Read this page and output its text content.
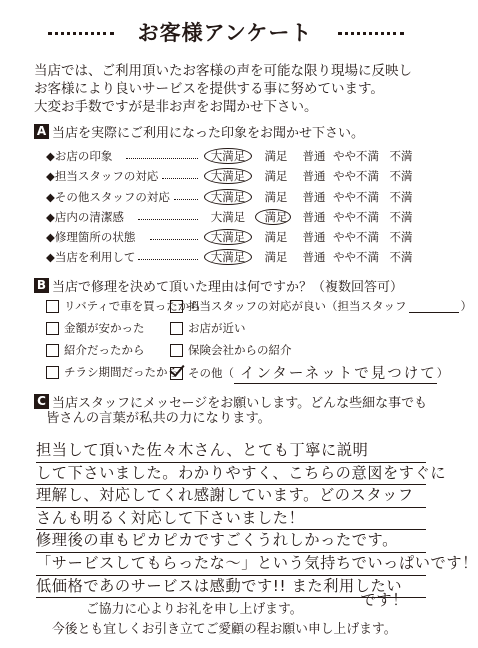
お客様アンケート
当店では、ご利用頂いたお客様の声を可能な限り現場に反映し
お客様により良いサービスを提供する事に努めています。
大変お手数ですが是非お声をお聞かせ下さい。
A 当店を実際にご利用になった印象をお聞かせ下さい。
◆お店の印象	大満足	満足	普通 やや不満 不満
◆担当スタッフの対応	大満足	満足	普通 やや不満 不満
◆その他スタッフの対応	大満足	満足	普通 やや不満 不満
◆店内の清潔感	大満足	満足	普通 やや不満 不満
◆修理箇所の状態	大満足	満足	普通 やや不満 不満
◆当店を利用して	大満足	満足	普通 やや不満 不満
B 当店で修理を決めて頂いた理由は何ですか？（複数回答可）
リバティで車を買ったから
担当スタッフの対応が良い（担当スタッフ	）
金額が安かった	お店が近い
紹介だったから	保険会社からの紹介
チラシ期間だったから その他（ インターネットで見つけて ）
C 当店スタッフにメッセージをお願いします。どんな些細な事でも
皆さんの言葉が私共の力になります。
担当して頂いた佐々木さん、とても丁寧に説明
して下さいました。わかりやすく、こちらの意図をすぐに
理解し、対応してくれ感謝しています。どのスタッフ
さんも明るく対応して下さいました！
修理後の車もピカピカですごくうれしかったです。
「サービスしてもらったな～」という気持ちでいっぱいです！
低価格であのサービスは感動です!! また利用したい
です！
ご協力に心よりお礼を申し上げます。
今後とも宜しくお引き立てご愛顧の程お願い申し上げます。
